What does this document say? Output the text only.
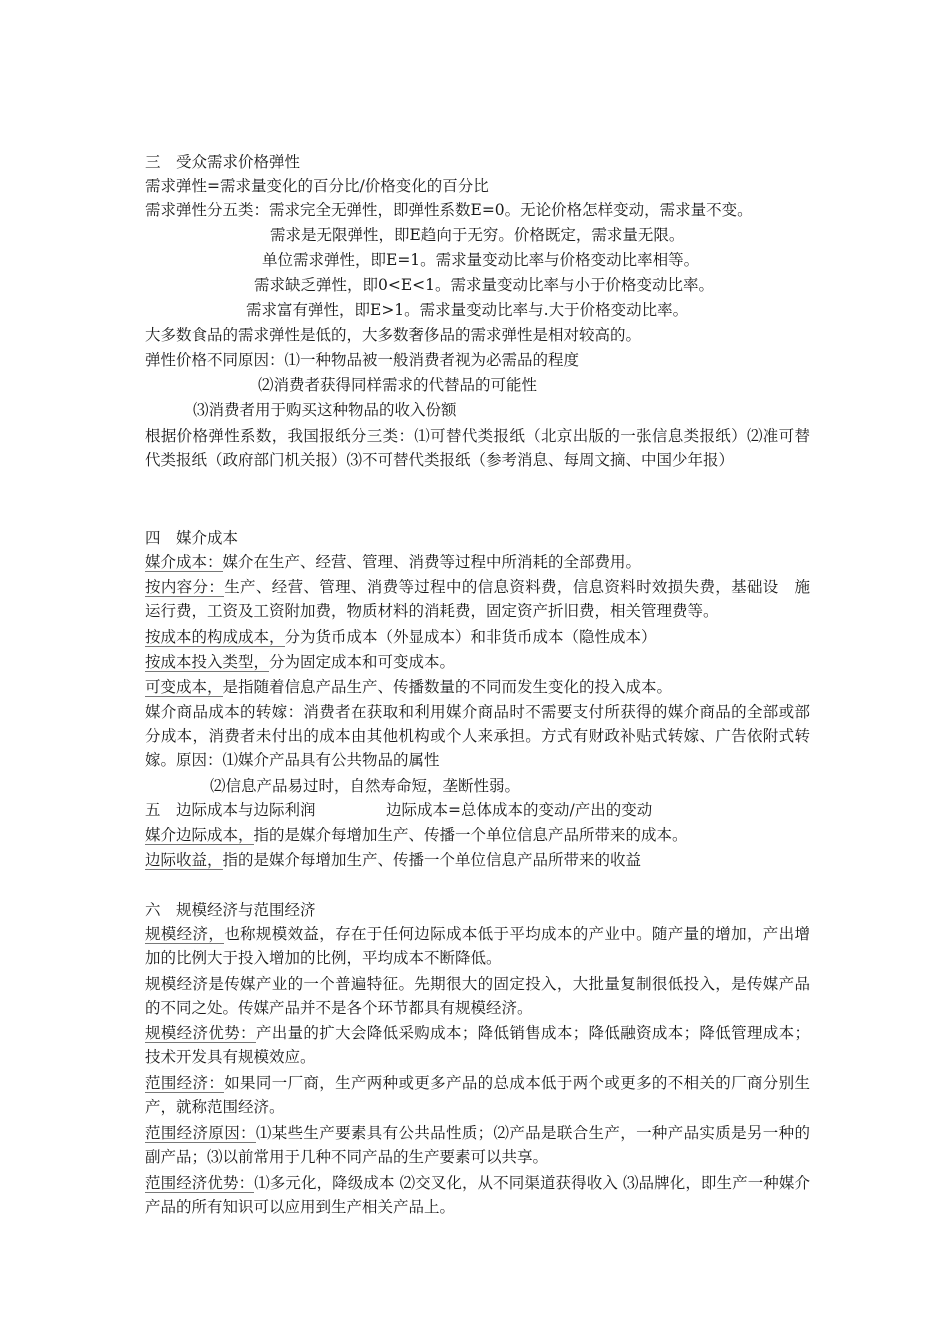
三　受众需求价格弹性
需求弹性=需求量变化的百分比/价格变化的百分比
需求弹性分五类：需求完全无弹性，即弹性系数E=0。无论价格怎样变动，需求量不变。
需求是无限弹性，即E趋向于无穷。价格既定，需求量无限。
单位需求弹性，即E=1。需求量变动比率与价格变动比率相等。
需求缺乏弹性，即0<E<1。需求量变动比率与小于价格变动比率。
需求富有弹性，即E>1。需求量变动比率与.大于价格变动比率。
大多数食品的需求弹性是低的，大多数奢侈品的需求弹性是相对较高的。
弹性价格不同原因：⑴一种物品被一般消费者视为必需品的程度
⑵消费者获得同样需求的代替品的可能性
⑶消费者用于购买这种物品的收入份额
根据价格弹性系数，我国报纸分三类：⑴可替代类报纸（北京出版的一张信息类报纸）⑵准可替代类报纸（政府部门机关报）⑶不可替代类报纸（参考消息、每周文摘、中国少年报）
四　媒介成本
媒介成本：媒介在生产、经营、管理、消费等过程中所消耗的全部费用。
按内容分：生产、经营、管理、消费等过程中的信息资料费，信息资料时效损失费，基础设　施运行费，工资及工资附加费，物质材料的消耗费，固定资产折旧费，相关管理费等。
按成本的构成成本，分为货币成本（外显成本）和非货币成本（隐性成本）
按成本投入类型，分为固定成本和可变成本。
可变成本，是指随着信息产品生产、传播数量的不同而发生变化的投入成本。
媒介商品成本的转嫁：消费者在获取和利用媒介商品时不需要支付所获得的媒介商品的全部或部分成本，消费者未付出的成本由其他机构或个人来承担。方式有财政补贴式转嫁、广告依附式转嫁。原因：⑴媒介产品具有公共物品的属性
⑵信息产品易过时，自然寿命短，垄断性弱。
五　边际成本与边际利润	边际成本=总体成本的变动/产出的变动
媒介边际成本，指的是媒介每增加生产、传播一个单位信息产品所带来的成本。
边际收益，指的是媒介每增加生产、传播一个单位信息产品所带来的收益
六　规模经济与范围经济
规模经济，也称规模效益，存在于任何边际成本低于平均成本的产业中。随产量的增加，产出增加的比例大于投入增加的比例，平均成本不断降低。
规模经济是传媒产业的一个普遍特征。先期很大的固定投入，大批量复制很低投入，是传媒产品的不同之处。传媒产品并不是各个环节都具有规模经济。
规模经济优势：产出量的扩大会降低采购成本；降低销售成本；降低融资成本；降低管理成本；技术开发具有规模效应。
范围经济：如果同一厂商，生产两种或更多产品的总成本低于两个或更多的不相关的厂商分别生产，就称范围经济。
范围经济原因：⑴某些生产要素具有公共品性质；⑵产品是联合生产，一种产品实质是另一种的副产品；⑶以前常用于几种不同产品的生产要素可以共享。
范围经济优势：⑴多元化，降级成本 ⑵交叉化，从不同渠道获得收入 ⑶品牌化，即生产一种媒介产品的所有知识可以应用到生产相关产品上。
